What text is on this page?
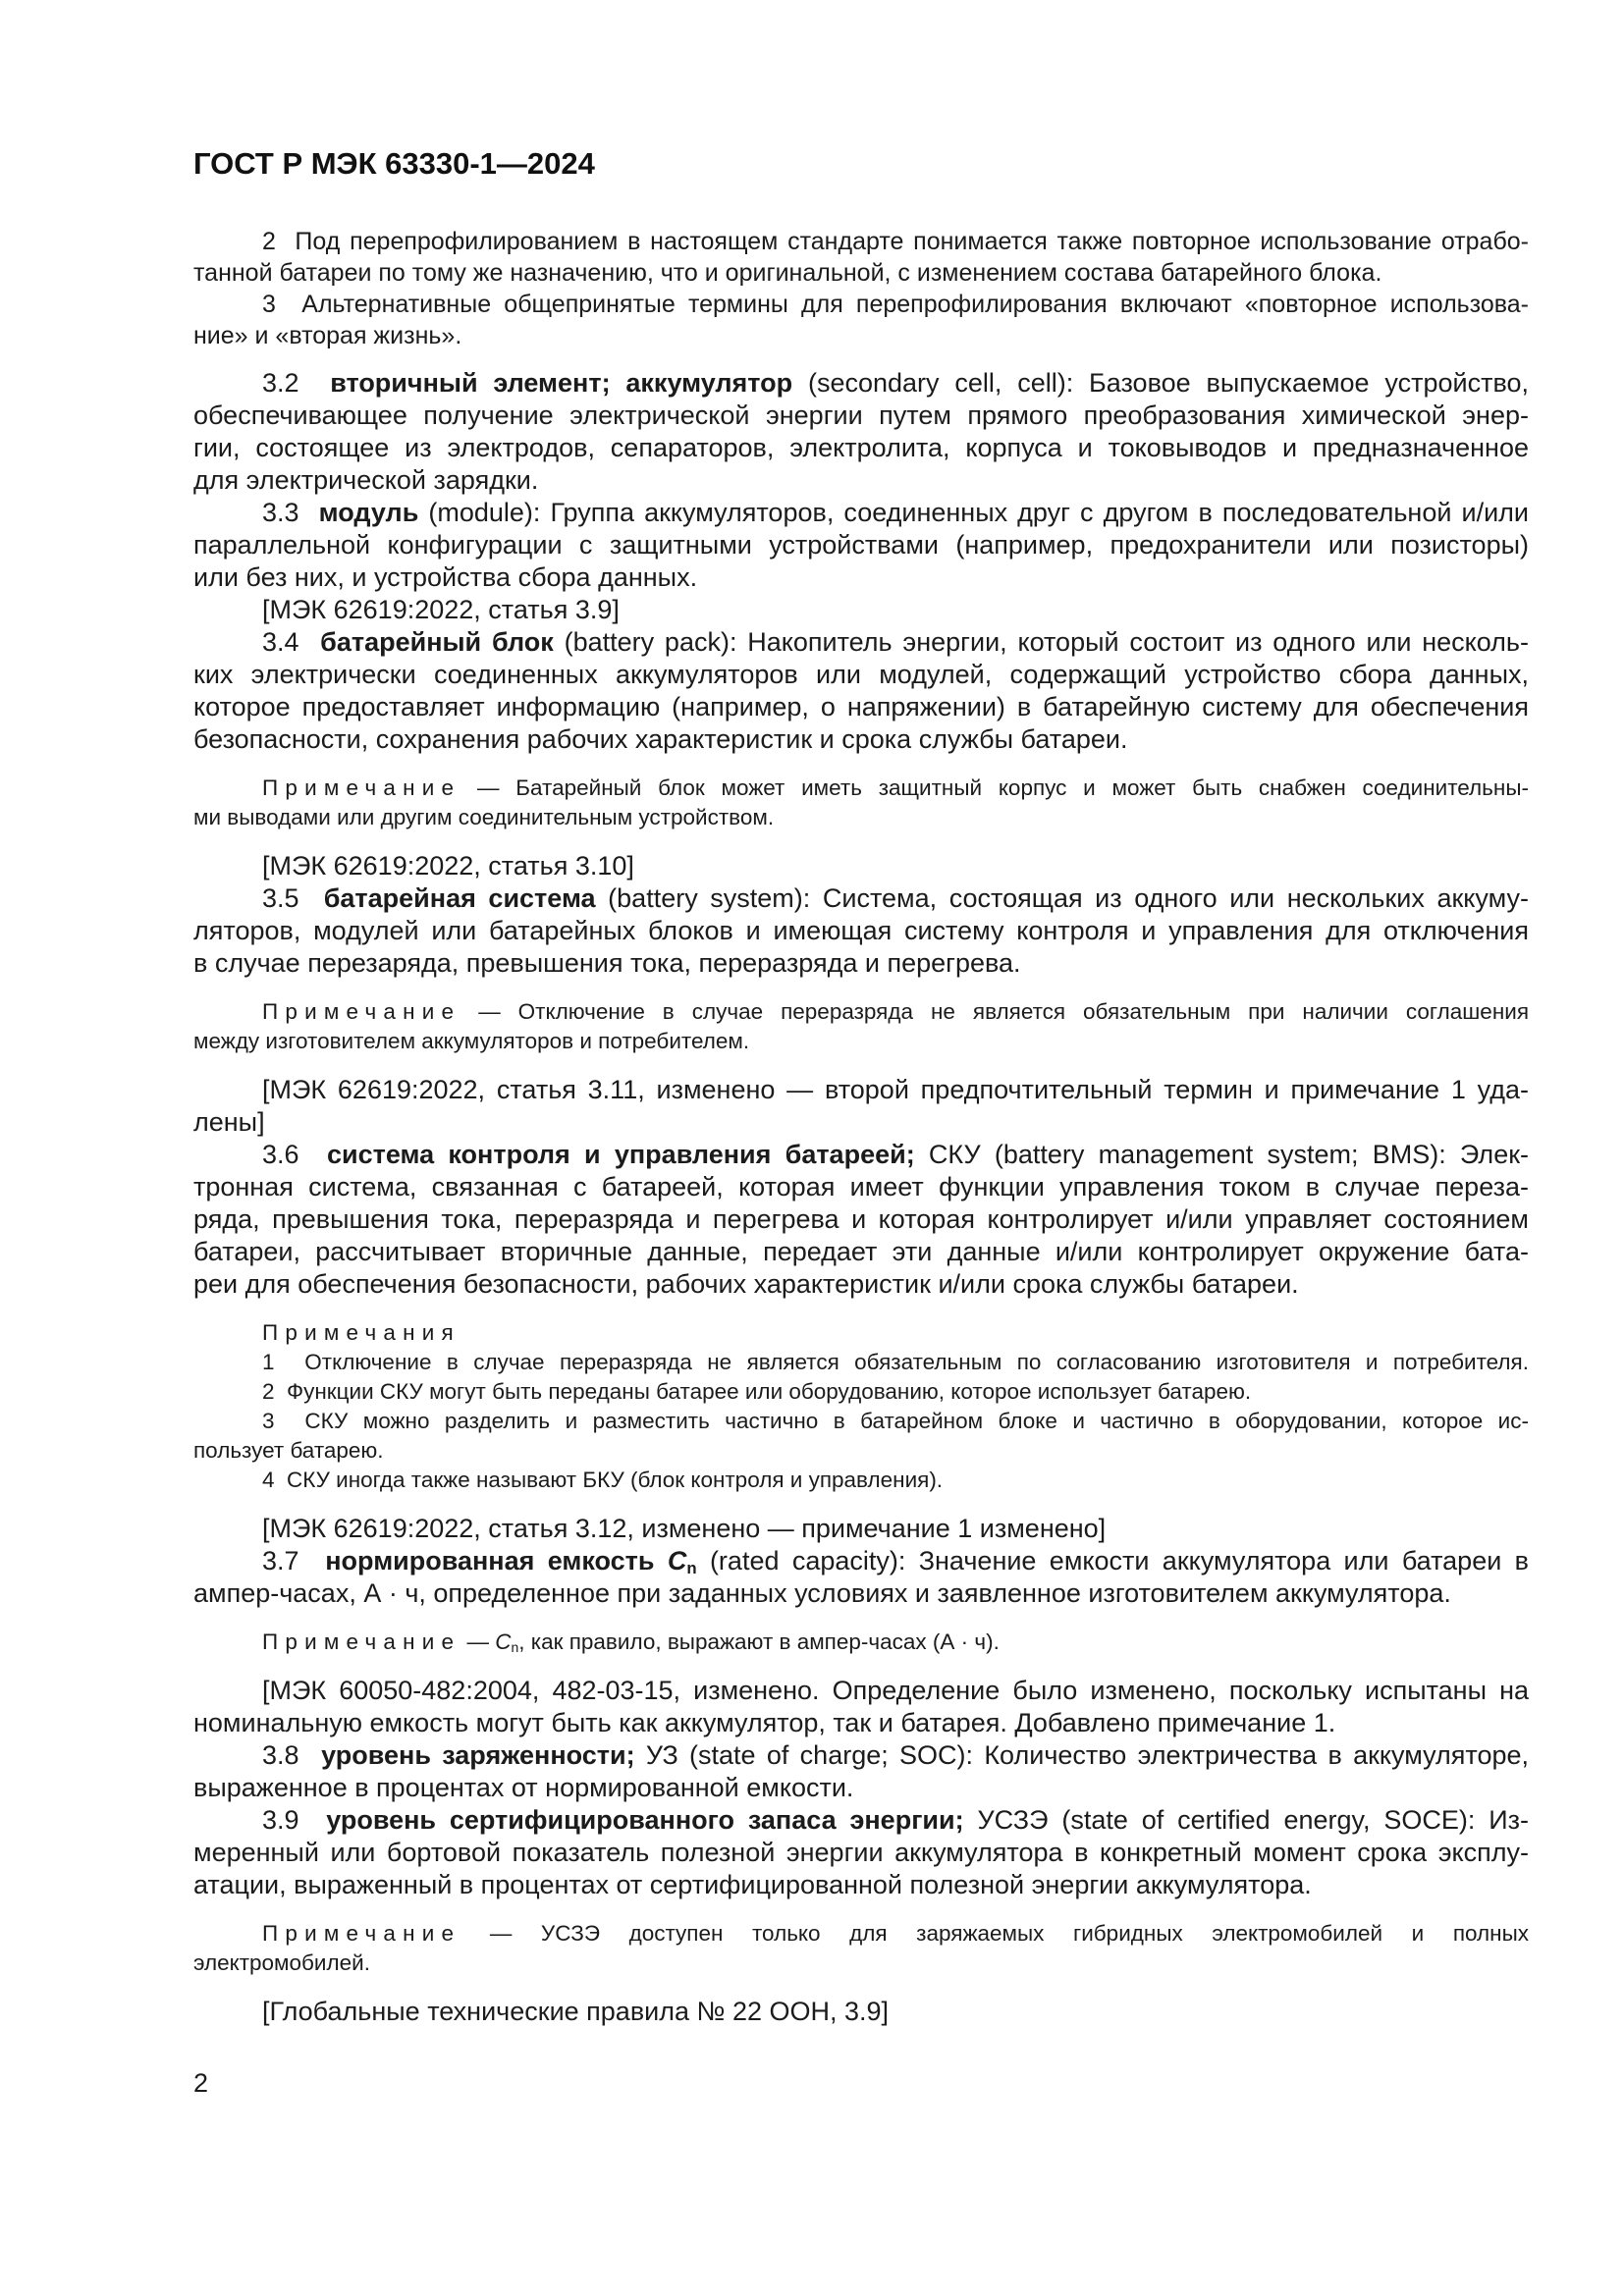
ГОСТ Р МЭК 63330-1—2024
2  Под перепрофилированием в настоящем стандарте понимается также повторное использование отрабо-
танной батареи по тому же назначению, что и оригинальной, с изменением состава батарейного блока.
3  Альтернативные общепринятые термины для перепрофилирования включают «повторное использова-
ние» и «вторая жизнь».
3.2  вторичный элемент; аккумулятор (secondary cell, cell): Базовое выпускаемое устройство,
обеспечивающее получение электрической энергии путем прямого преобразования химической энер-
гии, состоящее из электродов, сепараторов, электролита, корпуса и токовыводов и предназначенное
для электрической зарядки.
3.3  модуль (module): Группа аккумуляторов, соединенных друг с другом в последовательной и/или
параллельной конфигурации с защитными устройствами (например, предохранители или позисторы)
или без них, и устройства сбора данных.
[МЭК 62619:2022, статья 3.9]
3.4  батарейный блок (battery pack): Накопитель энергии, который состоит из одного или несколь-
ких электрически соединенных аккумуляторов или модулей, содержащий устройство сбора данных,
которое предоставляет информацию (например, о напряжении) в батарейную систему для обеспечения
безопасности, сохранения рабочих характеристик и срока службы батареи.
Примечание — Батарейный блок может иметь защитный корпус и может быть снабжен соединительны-
ми выводами или другим соединительным устройством.
[МЭК 62619:2022, статья 3.10]
3.5  батарейная система (battery system): Система, состоящая из одного или нескольких аккуму-
ляторов, модулей или батарейных блоков и имеющая систему контроля и управления для отключения
в случае перезаряда, превышения тока, переразряда и перегрева.
Примечание — Отключение в случае переразряда не является обязательным при наличии соглашения
между изготовителем аккумуляторов и потребителем.
[МЭК 62619:2022, статья 3.11, изменено — второй предпочтительный термин и примечание 1 уда-
лены]
3.6  система контроля и управления батареей; СКУ (battery management system; BMS): Элек-
тронная система, связанная с батареей, которая имеет функции управления током в случае переза-
ряда, превышения тока, переразряда и перегрева и которая контролирует и/или управляет состоянием
батареи, рассчитывает вторичные данные, передает эти данные и/или контролирует окружение бата-
реи для обеспечения безопасности, рабочих характеристик и/или срока службы батареи.
Примечания
1  Отключение в случае переразряда не является обязательным по согласованию изготовителя и потребителя.
2  Функции СКУ могут быть переданы батарее или оборудованию, которое использует батарею.
3  СКУ можно разделить и разместить частично в батарейном блоке и частично в оборудовании, которое ис-
пользует батарею.
4  СКУ иногда также называют БКУ (блок контроля и управления).
[МЭК 62619:2022, статья 3.12, изменено — примечание 1 изменено]
3.7  нормированная емкость Cn (rated capacity): Значение емкости аккумулятора или батареи в
ампер-часах, А · ч, определенное при заданных условиях и заявленное изготовителем аккумулятора.
Примечание — Cn, как правило, выражают в ампер-часах (А · ч).
[МЭК 60050-482:2004, 482-03-15, изменено. Определение было изменено, поскольку испытаны на
номинальную емкость могут быть как аккумулятор, так и батарея. Добавлено примечание 1.
3.8  уровень заряженности; УЗ (state of charge; SOC): Количество электричества в аккумуляторе,
выраженное в процентах от нормированной емкости.
3.9  уровень сертифицированного запаса энергии; УСЗЭ (state of certified energy, SOCE): Из-
меренный или бортовой показатель полезной энергии аккумулятора в конкретный момент срока эксплу-
атации, выраженный в процентах от сертифицированной полезной энергии аккумулятора.
Примечание — УСЗЭ доступен только для заряжаемых гибридных электромобилей и полных
электромобилей.
[Глобальные технические правила № 22 ООН, 3.9]
2
